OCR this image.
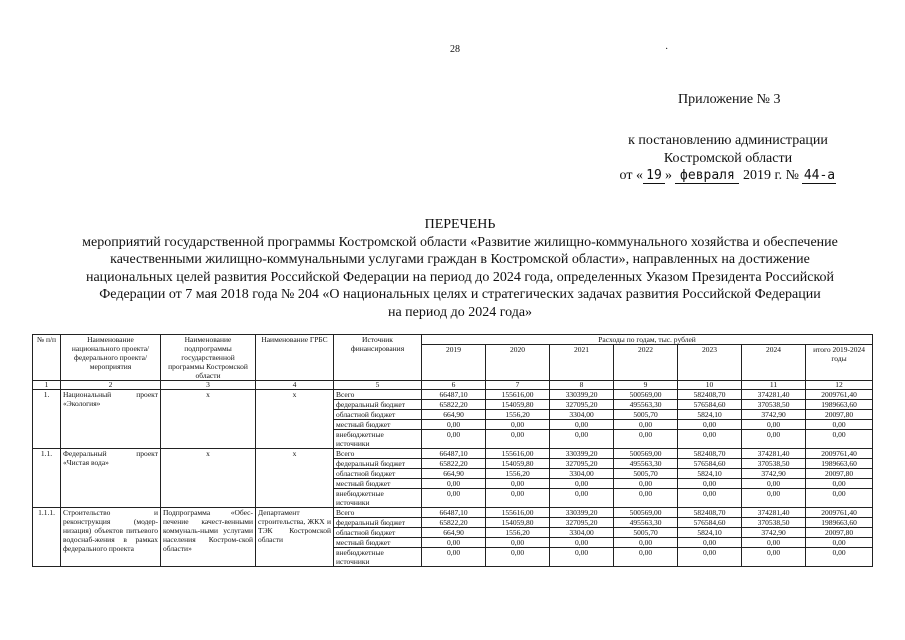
28	·
Приложение № 3
к постановлению администрации
Костромской области
от « 19 » февраля 2019 г. № 44-а
ПЕРЕЧЕНЬ
мероприятий государственной программы Костромской области «Развитие жилищно-коммунального хозяйства и обеспечение
качественными жилищно-коммунальными услугами граждан в Костромской области», направленных на достижение
национальных целей развития Российской Федерации на период до 2024 года, определенных Указом Президента Российской
Федерации от 7 мая 2018 года № 204 «О национальных целях и стратегических задачах развития Российской Федерации
на период до 2024 года»
№ п/п	Наименование национального проекта/ федерального проекта/ мероприятия	Наименование подпрограммы государственной программы Костромской области	Наименование ГРБС	Источник финансирования	Расходы по годам, тыс. рублей						
					2019	2020	2021	2022	2023	2024	итого 2019-2024 годы
1	2	3	4	5	6	7	8	9	10	11	12
1.	Национальный проект «Экология»	х	х	Всего	66487,10	155616,00	330399,20	500569,00	582408,70	374281,40	2009761,40
				федеральный бюджет	65822,20	154059,80	327095,20	495563,30	576584,60	370538,50	1989663,60
				областной бюджет	664,90	1556,20	3304,00	5005,70	5824,10	3742,90	20097,80
				местный бюджет	0,00	0,00	0,00	0,00	0,00	0,00	0,00
				внебюджетные источники	0,00	0,00	0,00	0,00	0,00	0,00	0,00
1.1.	Федеральный проект «Чистая вода»	х	х	Всего	66487,10	155616,00	330399,20	500569,00	582408,70	374281,40	2009761,40
				федеральный бюджет	65822,20	154059,80	327095,20	495563,30	576584,60	370538,50	1989663,60
				областной бюджет	664,90	1556,20	3304,00	5005,70	5824,10	3742,90	20097,80
				местный бюджет	0,00	0,00	0,00	0,00	0,00	0,00	0,00
				внебюджетные источники	0,00	0,00	0,00	0,00	0,00	0,00	0,00
1.1.1.	Строительство и реконструкция (модер-низация) объектов питьевого водоснаб-жения в рамках федерального проекта	Подпрограмма «Обес-печение качест-венными коммуналь-ными услугами населения Костром-ской области»	Департамент строительства, ЖКХ и ТЭК Костромской области	Всего	66487,10	155616,00	330399,20	500569,00	582408,70	374281,40	2009761,40
				федеральный бюджет	65822,20	154059,80	327095,20	495563,30	576584,60	370538,50	1989663,60
				областной бюджет	664,90	1556,20	3304,00	5005,70	5824,10	3742,90	20097,80
				местный бюджет	0,00	0,00	0,00	0,00	0,00	0,00	0,00
				внебюджетные источники	0,00	0,00	0,00	0,00	0,00	0,00	0,00
